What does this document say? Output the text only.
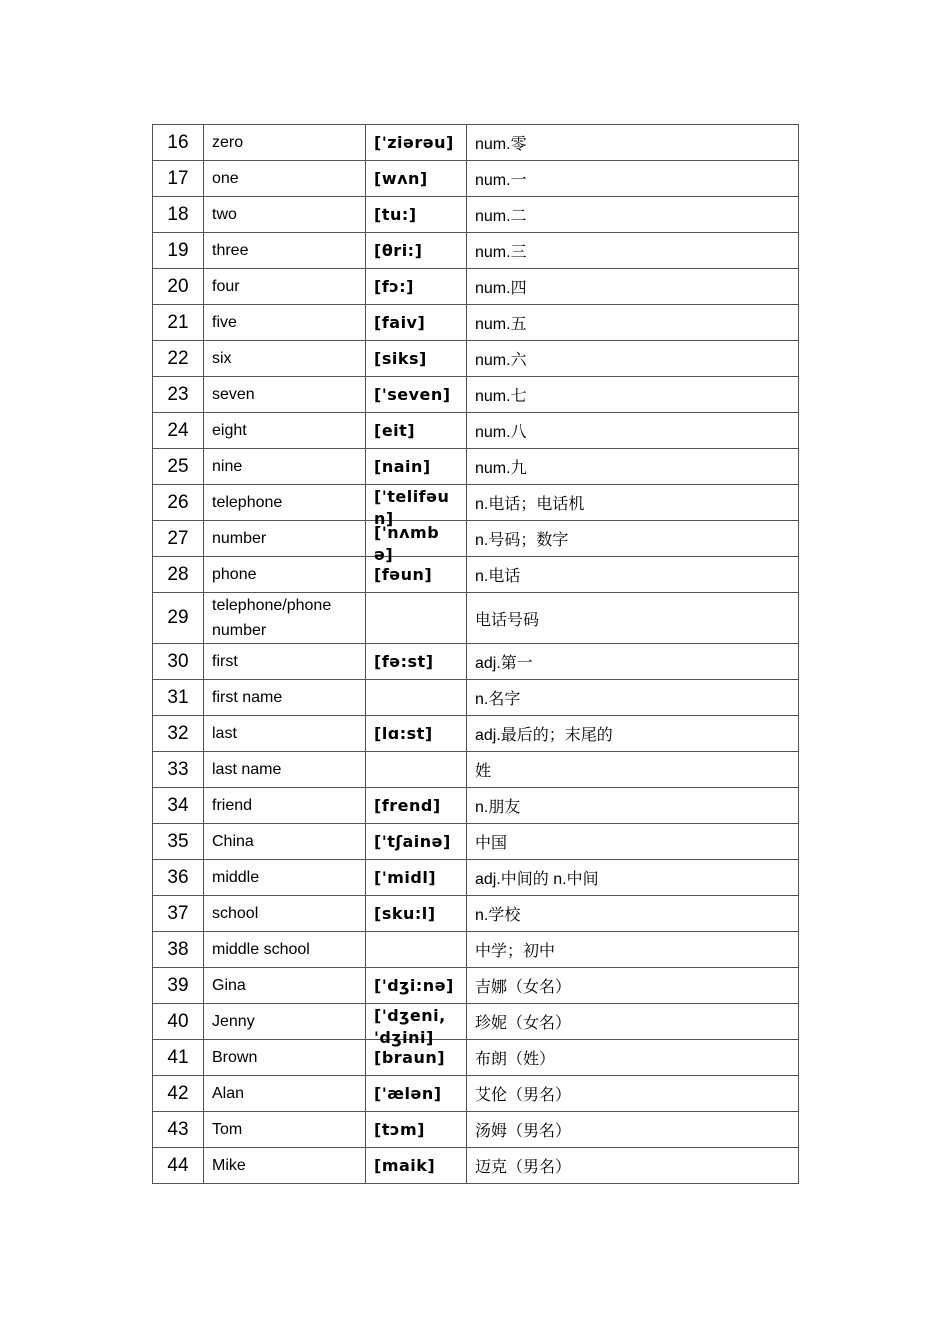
16	zero	['ziərəu]	num.零
17	one	[wʌn]	num.一
18	two	[tu:]	num.二
19	three	[θri:]	num.三
20	four	[fɔ:]	num.四
21	five	[faiv]	num.五
22	six	[siks]	num.六
23	seven	['seven]	num.七
24	eight	[eit]	num.八
25	nine	[nain]	num.九
26	telephone	['telifəun]	n.电话；电话机
27	number	['nʌmbə]	n.号码；数字
28	phone	[fəun]	n.电话
29	telephone/phone number		电话号码
30	first	[fə:st]	adj.第一
31	first name		n.名字
32	last	[lɑ:st]	adj.最后的；末尾的
33	last name		姓
34	friend	[frend]	n.朋友
35	China	['tʃainə]	中国
36	middle	['midl]	adj.中间的 n.中间
37	school	[sku:l]	n.学校
38	middle school		中学；初中
39	Gina	['dʒi:nə]	吉娜（女名）
40	Jenny	['dʒeni, 'dʒini]	珍妮（女名）
41	Brown	[braun]	布朗（姓）
42	Alan	['ælən]	艾伦（男名）
43	Tom	[tɔm]	汤姆（男名）
44	Mike	[maik]	迈克（男名）
